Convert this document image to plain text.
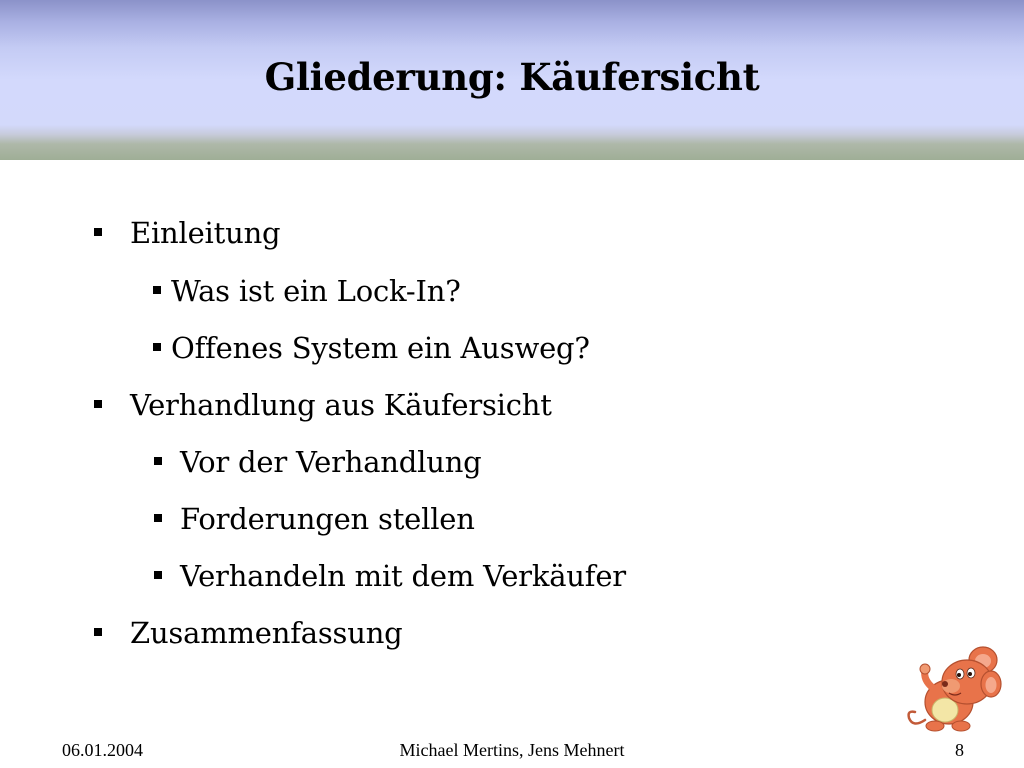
Gliederung: Käufersicht
Einleitung
Was ist ein Lock-In?
Offenes System ein Ausweg?
Verhandlung aus Käufersicht
Vor der Verhandlung
Forderungen stellen
Verhandeln mit dem Verkäufer
Zusammenfassung
06.01.2004	Michael Mertins, Jens Mehnert	8
